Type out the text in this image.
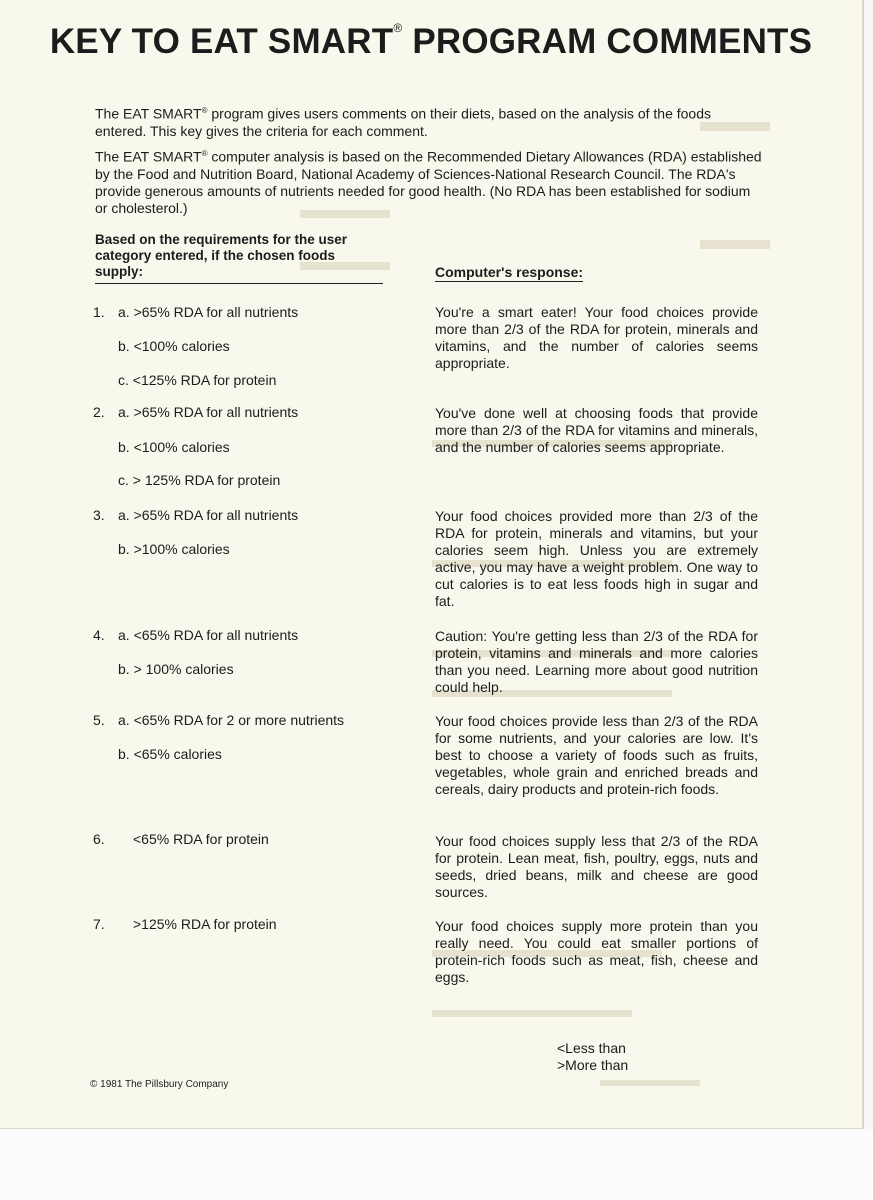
KEY TO EAT SMART® PROGRAM COMMENTS
The EAT SMART® program gives users comments on their diets, based on the analysis of the foods entered. This key gives the criteria for each comment.
The EAT SMART® computer analysis is based on the Recommended Dietary Allowances (RDA) established by the Food and Nutrition Board, National Academy of Sciences-National Research Council. The RDA's provide generous amounts of nutrients needed for good health. (No RDA has been established for sodium or cholesterol.)
Based on the requirements for the user category entered, if the chosen foods supply:	Computer's response:
1. a. >65% RDA for all nutrients
b. <100% calories
c. <125% RDA for protein
You're a smart eater! Your food choices provide more than 2/3 of the RDA for protein, minerals and vitamins, and the number of calories seems appropriate.
2. a. >65% RDA for all nutrients
b. <100% calories
c. > 125% RDA for protein
You've done well at choosing foods that provide more than 2/3 of the RDA for vitamins and minerals, and the number of calories seems appropriate.
3. a. >65% RDA for all nutrients
b. >100% calories
Your food choices provided more than 2/3 of the RDA for protein, minerals and vitamins, but your calories seem high. Unless you are extremely active, you may have a weight problem. One way to cut calories is to eat less foods high in sugar and fat.
4. a. <65% RDA for all nutrients
b. > 100% calories
Caution: You're getting less than 2/3 of the RDA for protein, vitamins and minerals and more calories than you need. Learning more about good nutrition could help.
5. a. <65% RDA for 2 or more nutrients
b. <65% calories
Your food choices provide less than 2/3 of the RDA for some nutrients, and your calories are low. It's best to choose a variety of foods such as fruits, vegetables, whole grain and enriched breads and cereals, dairy products and protein-rich foods.
6. <65% RDA for protein	Your food choices supply less that 2/3 of the RDA for protein. Lean meat, fish, poultry, eggs, nuts and seeds, dried beans, milk and cheese are good sources.
7. >125% RDA for protein	Your food choices supply more protein than you really need. You could eat smaller portions of protein-rich foods such as meat, fish, cheese and eggs.
<Less than
>More than
© 1981 The Pillsbury Company
